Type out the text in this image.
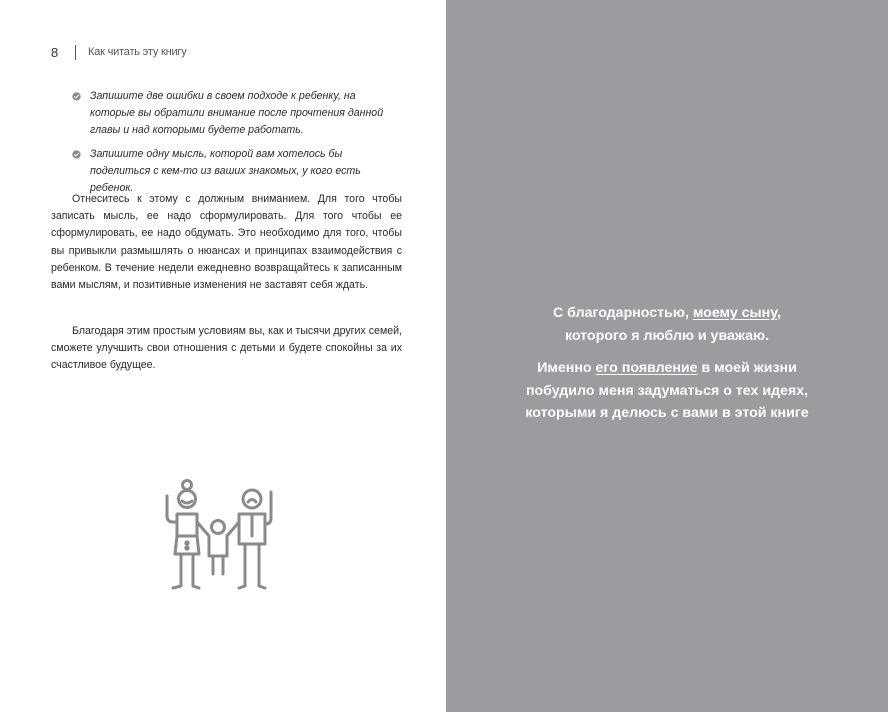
8	Как читать эту книгу
Запишите две ошибки в своем подходе к ребенку, на которые вы обратили внимание после прочтения данной главы и над которыми будете работать.
Запишите одну мысль, которой вам хотелось бы поделиться с кем-то из ваших знакомых, у кого есть ребенок.

Отнеситесь к этому с должным вниманием. Для того чтобы записать мысль, ее надо сформулировать. Для того чтобы ее сформулировать, ее надо обдумать. Это необходимо для того, чтобы вы привыкли размышлять о нюансах и принципах взаимодействия с ребенком. В течение недели ежедневно возвращайтесь к записанным вами мыслям, и позитивные изменения не заставят себя ждать.

Благодаря этим простым условиям вы, как и тысячи других семей, сможете улучшить свои отношения с детьми и будете спокойны за их счастливое будущее.

С благодарностью, моему сыну,
которого я люблю и уважаю.

Именно его появление в моей жизни
побудило меня задуматься о тех идеях,
которыми я делюсь с вами в этой книге
